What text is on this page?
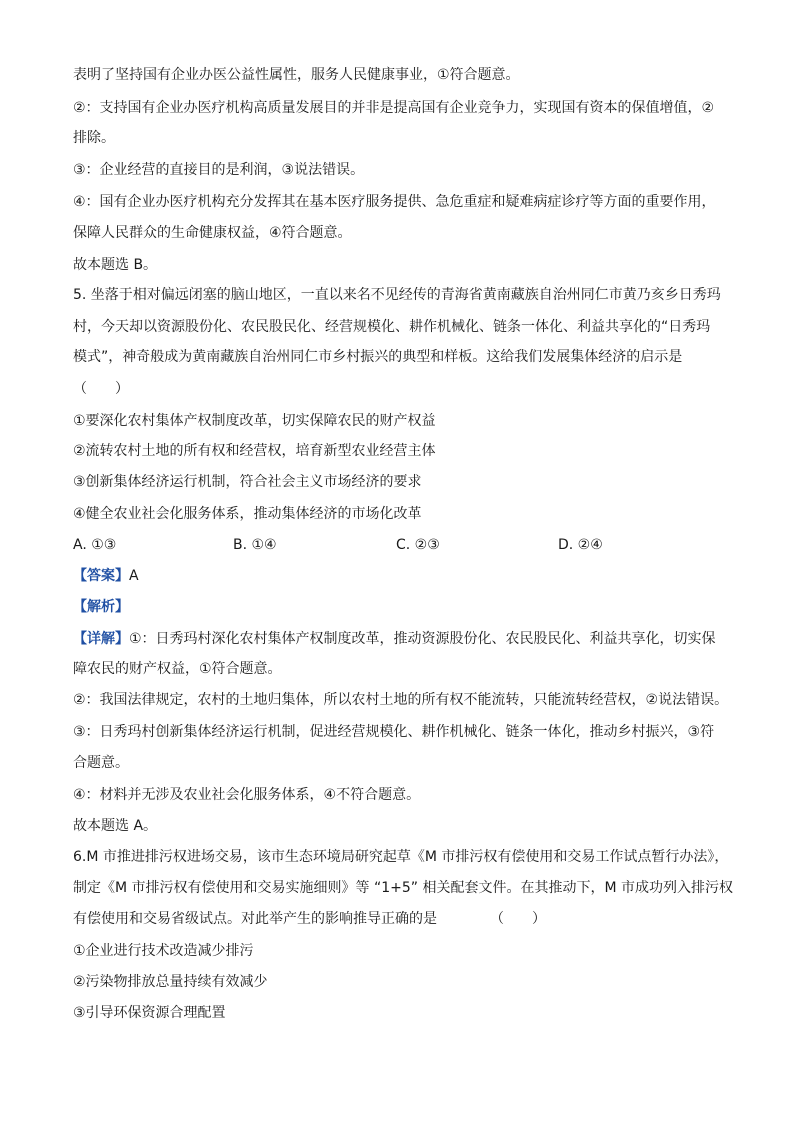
表明了坚持国有企业办医公益性属性，服务人民健康事业，①符合题意。
②：支持国有企业办医疗机构高质量发展目的并非是提高国有企业竞争力，实现国有资本的保值增值，②
排除。
③：企业经营的直接目的是利润，③说法错误。
④：国有企业办医疗机构充分发挥其在基本医疗服务提供、急危重症和疑难病症诊疗等方面的重要作用，
保障人民群众的生命健康权益，④符合题意。
故本题选 B。
5. 坐落于相对偏远闭塞的脑山地区，一直以来名不见经传的青海省黄南藏族自治州同仁市黄乃亥乡日秀玛
村，今天却以资源股份化、农民股民化、经营规模化、耕作机械化、链条一体化、利益共享化的“日秀玛
模式”，神奇般成为黄南藏族自治州同仁市乡村振兴的典型和样板。这给我们发展集体经济的启示是
（　　）
①要深化农村集体产权制度改革，切实保障农民的财产权益
②流转农村土地的所有权和经营权，培育新型农业经营主体
③创新集体经济运行机制，符合社会主义市场经济的要求
④健全农业社会化服务体系，推动集体经济的市场化改革
A. ①③	B. ①④	C. ②③	D. ②④
【答案】A
【解析】
【详解】①：日秀玛村深化农村集体产权制度改革，推动资源股份化、农民股民化、利益共享化，切实保
障农民的财产权益，①符合题意。
②：我国法律规定，农村的土地归集体，所以农村土地的所有权不能流转，只能流转经营权，②说法错误。
③：日秀玛村创新集体经济运行机制，促进经营规模化、耕作机械化、链条一体化，推动乡村振兴，③符
合题意。
④：材料并无涉及农业社会化服务体系，④不符合题意。
故本题选 A。
6.M 市推进排污权进场交易，该市生态环境局研究起草《M 市排污权有偿使用和交易工作试点暂行办法》，
制定《M 市排污权有偿使用和交易实施细则》等 “1+5” 相关配套文件。在其推动下，M 市成功列入排污权
有偿使用和交易省级试点。对此举产生的影响推导正确的是	（　　）
①企业进行技术改造减少排污
②污染物排放总量持续有效减少
③引导环保资源合理配置
